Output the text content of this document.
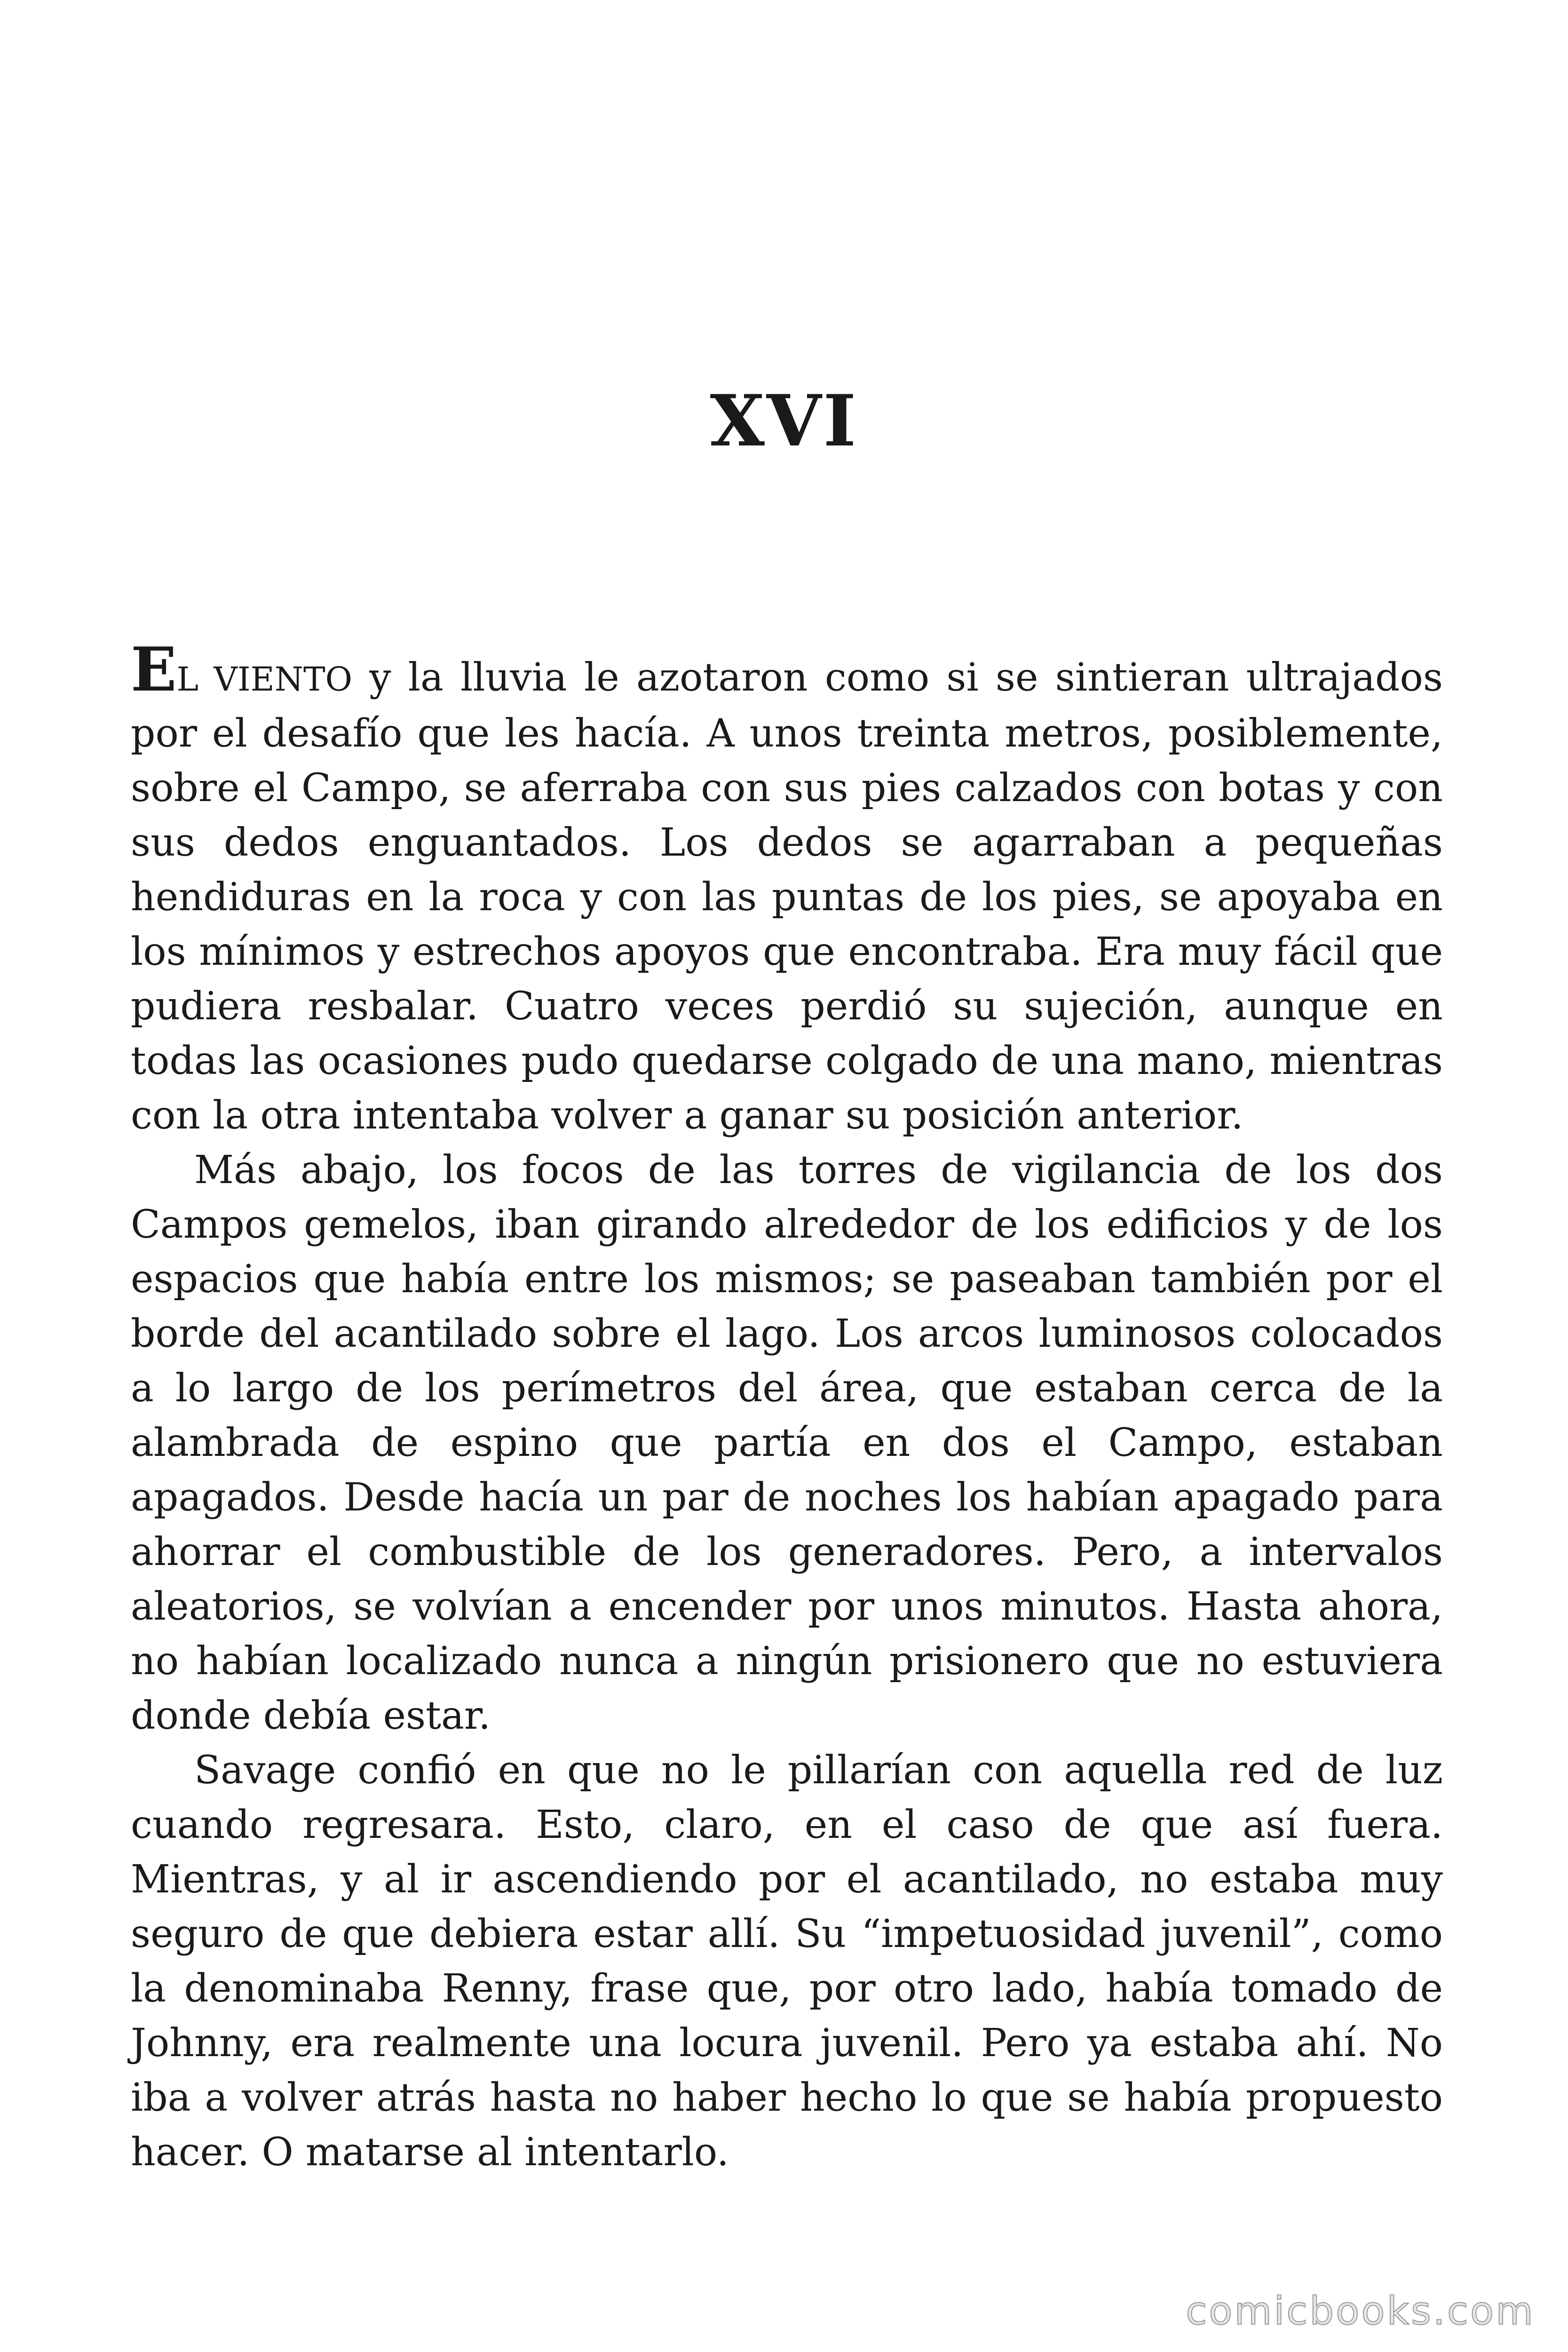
XVI

EL VIENTO y la lluvia le azotaron como si se sintieran ultrajados por el desafío que les hacía. A unos treinta metros, posiblemente, sobre el Campo, se aferraba con sus pies calzados con botas y con sus dedos enguantados. Los dedos se agarraban a pequeñas hendiduras en la roca y con las puntas de los pies, se apoyaba en los mínimos y estrechos apoyos que encontraba. Era muy fácil que pudiera resbalar. Cuatro veces perdió su sujeción, aunque en todas las ocasiones pudo quedarse colgado de una mano, mientras con la otra intentaba volver a ganar su posición anterior.

Más abajo, los focos de las torres de vigilancia de los dos Campos gemelos, iban girando alrededor de los edificios y de los espacios que había entre los mismos; se paseaban también por el borde del acantilado sobre el lago. Los arcos luminosos colocados a lo largo de los perímetros del área, que estaban cerca de la alambrada de espino que partía en dos el Campo, estaban apagados. Desde hacía un par de noches los habían apagado para ahorrar el combustible de los generadores. Pero, a intervalos aleatorios, se volvían a encender por unos minutos. Hasta ahora, no habían localizado nunca a ningún prisionero que no estuviera donde debía estar.

Savage confió en que no le pillarían con aquella red de luz cuando regresara. Esto, claro, en el caso de que así fuera. Mientras, y al ir ascendiendo por el acantilado, no estaba muy seguro de que debiera estar allí. Su “impetuosidad juvenil”, como la denominaba Renny, frase que, por otro lado, había tomado de Johnny, era realmente una locura juvenil. Pero ya estaba ahí. No iba a volver atrás hasta no haber hecho lo que se había propuesto hacer. O matarse al intentarlo.

comicbooks.com
